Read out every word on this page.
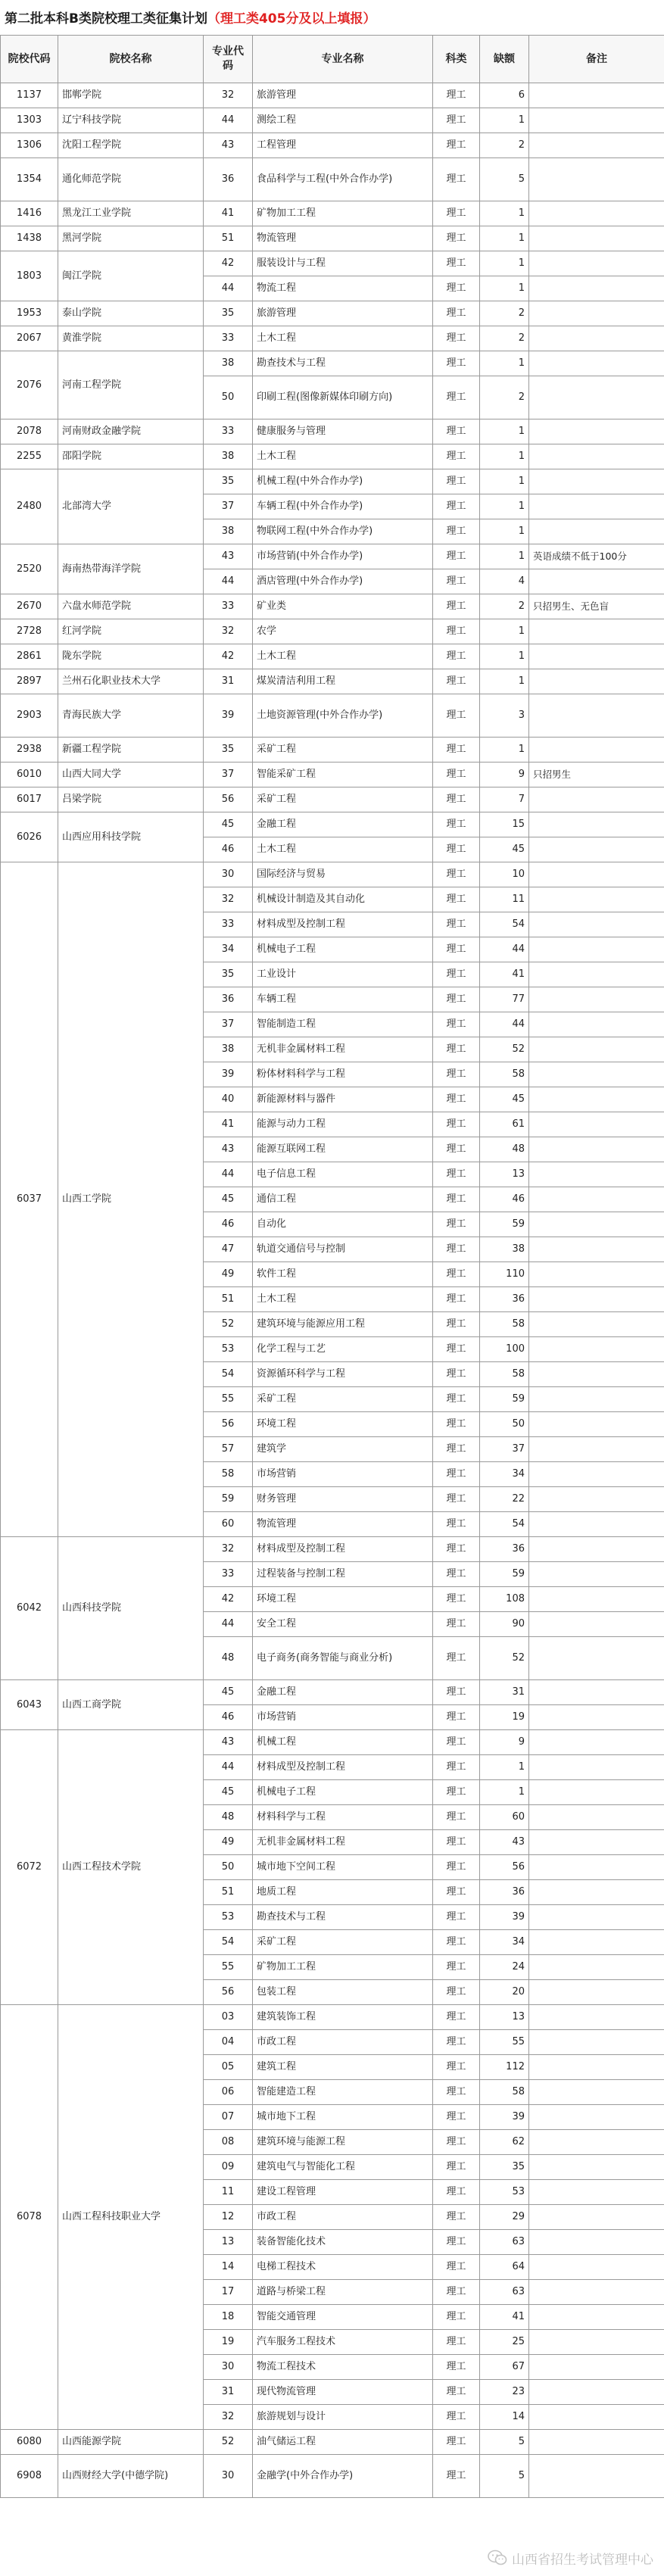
第二批本科B类院校理工类征集计划（理工类405分及以上填报）
院校代码	院校名称	专业代码	专业名称	科类	缺额	备注
1137	邯郸学院	32	旅游管理	理工	6	
1303	辽宁科技学院	44	测绘工程	理工	1	
1306	沈阳工程学院	43	工程管理	理工	2	
1354	通化师范学院	36	食品科学与工程(中外合作办学)	理工	5	
1416	黑龙江工业学院	41	矿物加工工程	理工	1	
1438	黑河学院	51	物流管理	理工	1	
1803	闽江学院	42	服装设计与工程	理工	1	
		44	物流工程	理工	1	
1953	泰山学院	35	旅游管理	理工	2	
2067	黄淮学院	33	土木工程	理工	2	
2076	河南工程学院	38	勘查技术与工程	理工	1	
		50	印刷工程(图像新媒体印刷方向)	理工	2	
2078	河南财政金融学院	33	健康服务与管理	理工	1	
2255	邵阳学院	38	土木工程	理工	1	
2480	北部湾大学	35	机械工程(中外合作办学)	理工	1	
		37	车辆工程(中外合作办学)	理工	1	
		38	物联网工程(中外合作办学)	理工	1	
2520	海南热带海洋学院	43	市场营销(中外合作办学)	理工	1	英语成绩不低于100分
		44	酒店管理(中外合作办学)	理工	4	
2670	六盘水师范学院	33	矿业类	理工	2	只招男生、无色盲
2728	红河学院	32	农学	理工	1	
2861	陇东学院	42	土木工程	理工	1	
2897	兰州石化职业技术大学	31	煤炭清洁利用工程	理工	1	
2903	青海民族大学	39	土地资源管理(中外合作办学)	理工	3	
2938	新疆工程学院	35	采矿工程	理工	1	
6010	山西大同大学	37	智能采矿工程	理工	9	只招男生
6017	吕梁学院	56	采矿工程	理工	7	
6026	山西应用科技学院	45	金融工程	理工	15	
		46	土木工程	理工	45	
6037	山西工学院	30	国际经济与贸易	理工	10	
		32	机械设计制造及其自动化	理工	11	
		33	材料成型及控制工程	理工	54	
		34	机械电子工程	理工	44	
		35	工业设计	理工	41	
		36	车辆工程	理工	77	
		37	智能制造工程	理工	44	
		38	无机非金属材料工程	理工	52	
		39	粉体材料科学与工程	理工	58	
		40	新能源材料与器件	理工	45	
		41	能源与动力工程	理工	61	
		43	能源互联网工程	理工	48	
		44	电子信息工程	理工	13	
		45	通信工程	理工	46	
		46	自动化	理工	59	
		47	轨道交通信号与控制	理工	38	
		49	软件工程	理工	110	
		51	土木工程	理工	36	
		52	建筑环境与能源应用工程	理工	58	
		53	化学工程与工艺	理工	100	
		54	资源循环科学与工程	理工	58	
		55	采矿工程	理工	59	
		56	环境工程	理工	50	
		57	建筑学	理工	37	
		58	市场营销	理工	34	
		59	财务管理	理工	22	
		60	物流管理	理工	54	
6042	山西科技学院	32	材料成型及控制工程	理工	36	
		33	过程装备与控制工程	理工	59	
		42	环境工程	理工	108	
		44	安全工程	理工	90	
		48	电子商务(商务智能与商业分析)	理工	52	
6043	山西工商学院	45	金融工程	理工	31	
		46	市场营销	理工	19	
6072	山西工程技术学院	43	机械工程	理工	9	
		44	材料成型及控制工程	理工	1	
		45	机械电子工程	理工	1	
		48	材料科学与工程	理工	60	
		49	无机非金属材料工程	理工	43	
		50	城市地下空间工程	理工	56	
		51	地质工程	理工	36	
		53	勘查技术与工程	理工	39	
		54	采矿工程	理工	34	
		55	矿物加工工程	理工	24	
		56	包装工程	理工	20	
6078	山西工程科技职业大学	03	建筑装饰工程	理工	13	
		04	市政工程	理工	55	
		05	建筑工程	理工	112	
		06	智能建造工程	理工	58	
		07	城市地下工程	理工	39	
		08	建筑环境与能源工程	理工	62	
		09	建筑电气与智能化工程	理工	35	
		11	建设工程管理	理工	53	
		12	市政工程	理工	29	
		13	装备智能化技术	理工	63	
		14	电梯工程技术	理工	64	
		17	道路与桥梁工程	理工	63	
		18	智能交通管理	理工	41	
		19	汽车服务工程技术	理工	25	
		30	物流工程技术	理工	67	
		31	现代物流管理	理工	23	
		32	旅游规划与设计	理工	14	
6080	山西能源学院	52	油气储运工程	理工	5	
6908	山西财经大学(中德学院)	30	金融学(中外合作办学)	理工	5	
山西省招生考试管理中心
